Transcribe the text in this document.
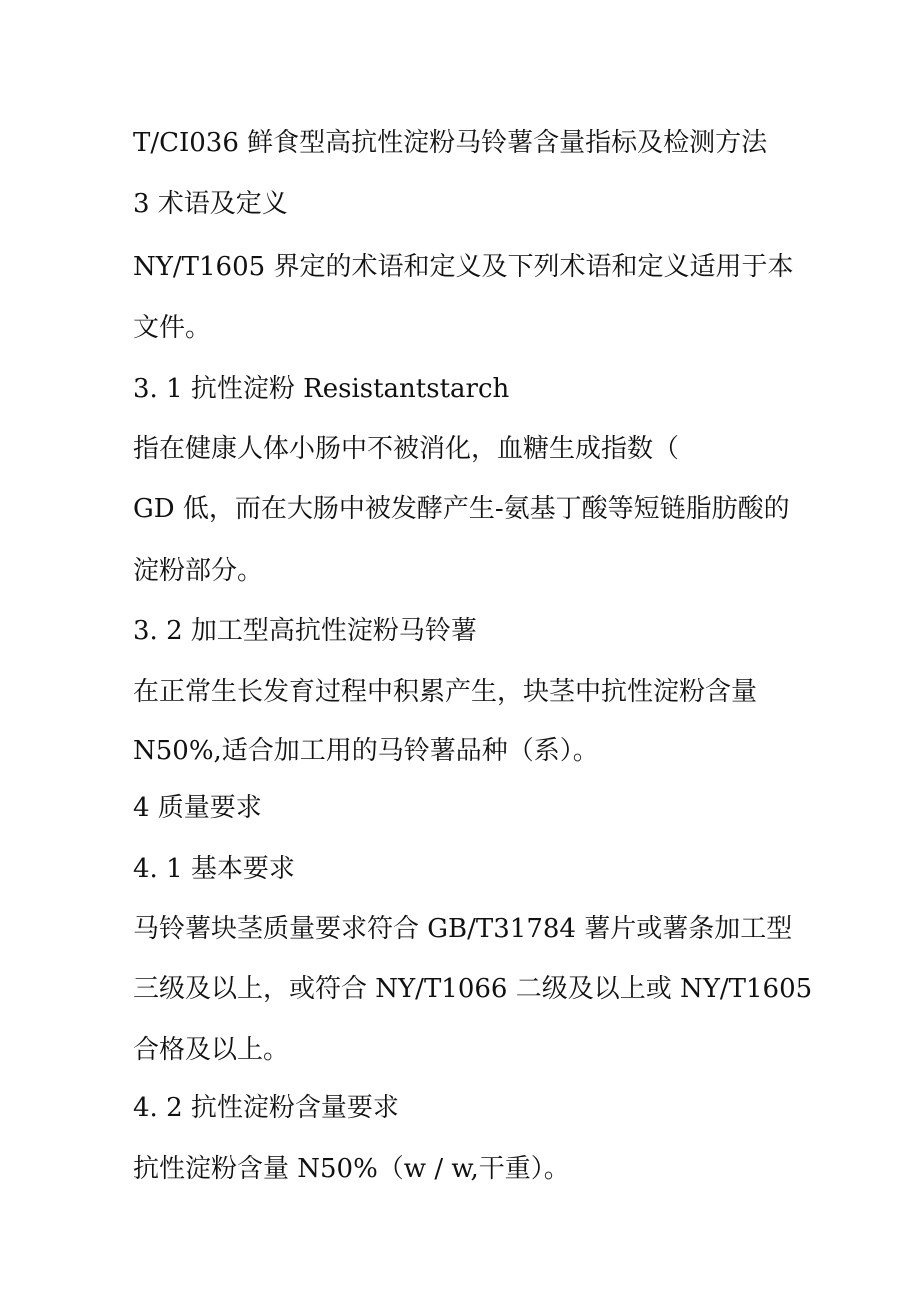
T/CI036 鲜食型高抗性淀粉马铃薯含量指标及检测方法

3 术语及定义

NY/T1605 界定的术语和定义及下列术语和定义适用于本

文件。

3. 1 抗性淀粉 Resistantstarch

指在健康人体小肠中不被消化，血糖生成指数（

GD 低，而在大肠中被发酵产生-氨基丁酸等短链脂肪酸的

淀粉部分。

3. 2 加工型高抗性淀粉马铃薯

在正常生长发育过程中积累产生，块茎中抗性淀粉含量

N50%,适合加工用的马铃薯品种（系）。

4 质量要求

4. 1 基本要求

马铃薯块茎质量要求符合 GB/T31784 薯片或薯条加工型

三级及以上，或符合 NY/T1066 二级及以上或 NY/T1605

合格及以上。

4. 2 抗性淀粉含量要求

抗性淀粉含量 N50%（w / w,干重）。
